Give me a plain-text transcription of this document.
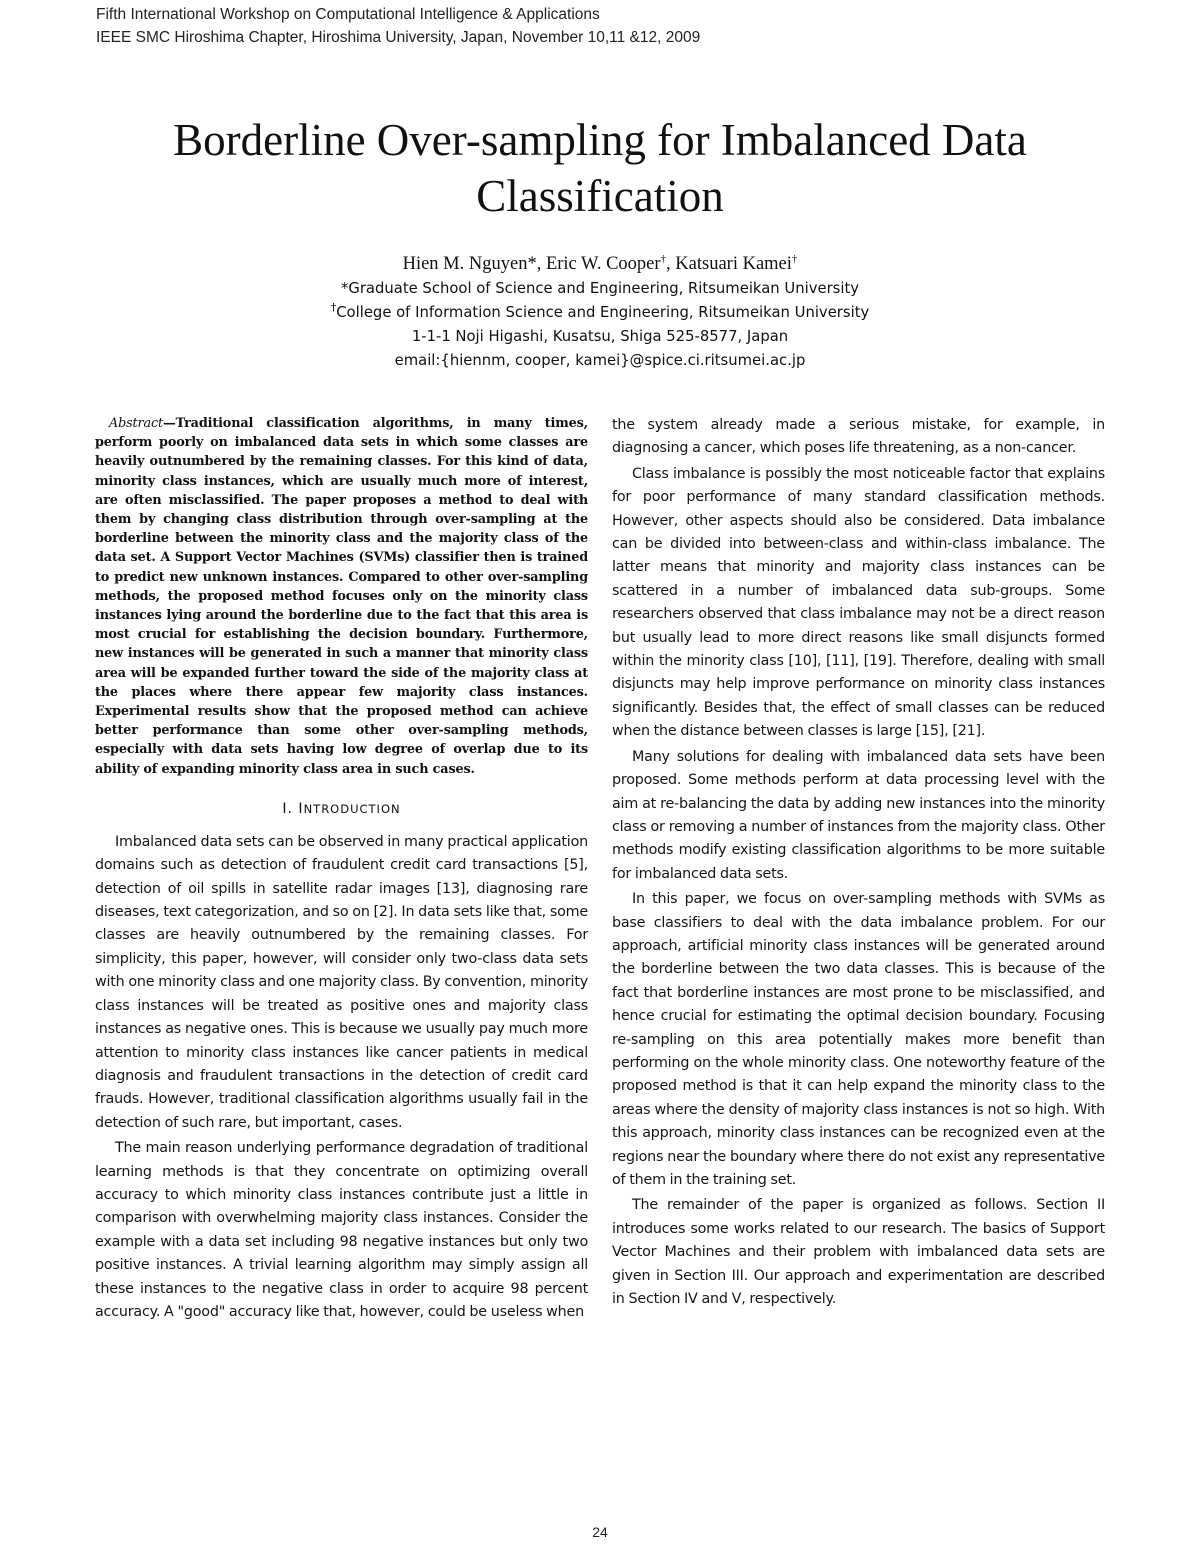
Fifth International Workshop on Computational Intelligence & Applications
IEEE SMC Hiroshima Chapter, Hiroshima University, Japan, November 10,11 &12, 2009
Borderline Over-sampling for Imbalanced Data Classification
Hien M. Nguyen*, Eric W. Cooper†, Katsuari Kamei†
*Graduate School of Science and Engineering, Ritsumeikan University
†College of Information Science and Engineering, Ritsumeikan University
1-1-1 Noji Higashi, Kusatsu, Shiga 525-8577, Japan
email:{hiennm, cooper, kamei}@spice.ci.ritsumei.ac.jp

Abstract—Traditional classification algorithms, in many times, perform poorly on imbalanced data sets in which some classes are heavily outnumbered by the remaining classes. For this kind of data, minority class instances, which are usually much more of interest, are often misclassified. The paper proposes a method to deal with them by changing class distribution through over-sampling at the borderline between the minority class and the majority class of the data set. A Support Vector Machines (SVMs) classifier then is trained to predict new unknown instances. Compared to other over-sampling methods, the proposed method focuses only on the minority class instances lying around the borderline due to the fact that this area is most crucial for establishing the decision boundary. Furthermore, new instances will be generated in such a manner that minority class area will be expanded further toward the side of the majority class at the places where there appear few majority class instances. Experimental results show that the proposed method can achieve better performance than some other over-sampling methods, especially with data sets having low degree of overlap due to its ability of expanding minority class area in such cases.

I. INTRODUCTION

Imbalanced data sets can be observed in many practical application domains such as detection of fraudulent credit card transactions [5], detection of oil spills in satellite radar images [13], diagnosing rare diseases, text categorization, and so on [2]. In data sets like that, some classes are heavily outnumbered by the remaining classes. For simplicity, this paper, however, will consider only two-class data sets with one minority class and one majority class. By convention, minority class instances will be treated as positive ones and majority class instances as negative ones. This is because we usually pay much more attention to minority class instances like cancer patients in medical diagnosis and fraudulent transactions in the detection of credit card frauds. However, traditional classification algorithms usually fail in the detection of such rare, but important, cases.

The main reason underlying performance degradation of traditional learning methods is that they concentrate on optimizing overall accuracy to which minority class instances contribute just a little in comparison with overwhelming majority class instances. Consider the example with a data set including 98 negative instances but only two positive instances. A trivial learning algorithm may simply assign all these instances to the negative class in order to acquire 98 percent accuracy. A "good" accuracy like that, however, could be useless when

the system already made a serious mistake, for example, in diagnosing a cancer, which poses life threatening, as a non-cancer.

Class imbalance is possibly the most noticeable factor that explains for poor performance of many standard classification methods. However, other aspects should also be considered. Data imbalance can be divided into between-class and within-class imbalance. The latter means that minority and majority class instances can be scattered in a number of imbalanced data sub-groups. Some researchers observed that class imbalance may not be a direct reason but usually lead to more direct reasons like small disjuncts formed within the minority class [10], [11], [19]. Therefore, dealing with small disjuncts may help improve performance on minority class instances significantly. Besides that, the effect of small classes can be reduced when the distance between classes is large [15], [21].

Many solutions for dealing with imbalanced data sets have been proposed. Some methods perform at data processing level with the aim at re-balancing the data by adding new instances into the minority class or removing a number of instances from the majority class. Other methods modify existing classification algorithms to be more suitable for imbalanced data sets.

In this paper, we focus on over-sampling methods with SVMs as base classifiers to deal with the data imbalance problem. For our approach, artificial minority class instances will be generated around the borderline between the two data classes. This is because of the fact that borderline instances are most prone to be misclassified, and hence crucial for estimating the optimal decision boundary. Focusing re-sampling on this area potentially makes more benefit than performing on the whole minority class. One noteworthy feature of the proposed method is that it can help expand the minority class to the areas where the density of majority class instances is not so high. With this approach, minority class instances can be recognized even at the regions near the boundary where there do not exist any representative of them in the training set.

The remainder of the paper is organized as follows. Section II introduces some works related to our research. The basics of Support Vector Machines and their problem with imbalanced data sets are given in Section III. Our approach and experimentation are described in Section IV and V, respectively.

24
